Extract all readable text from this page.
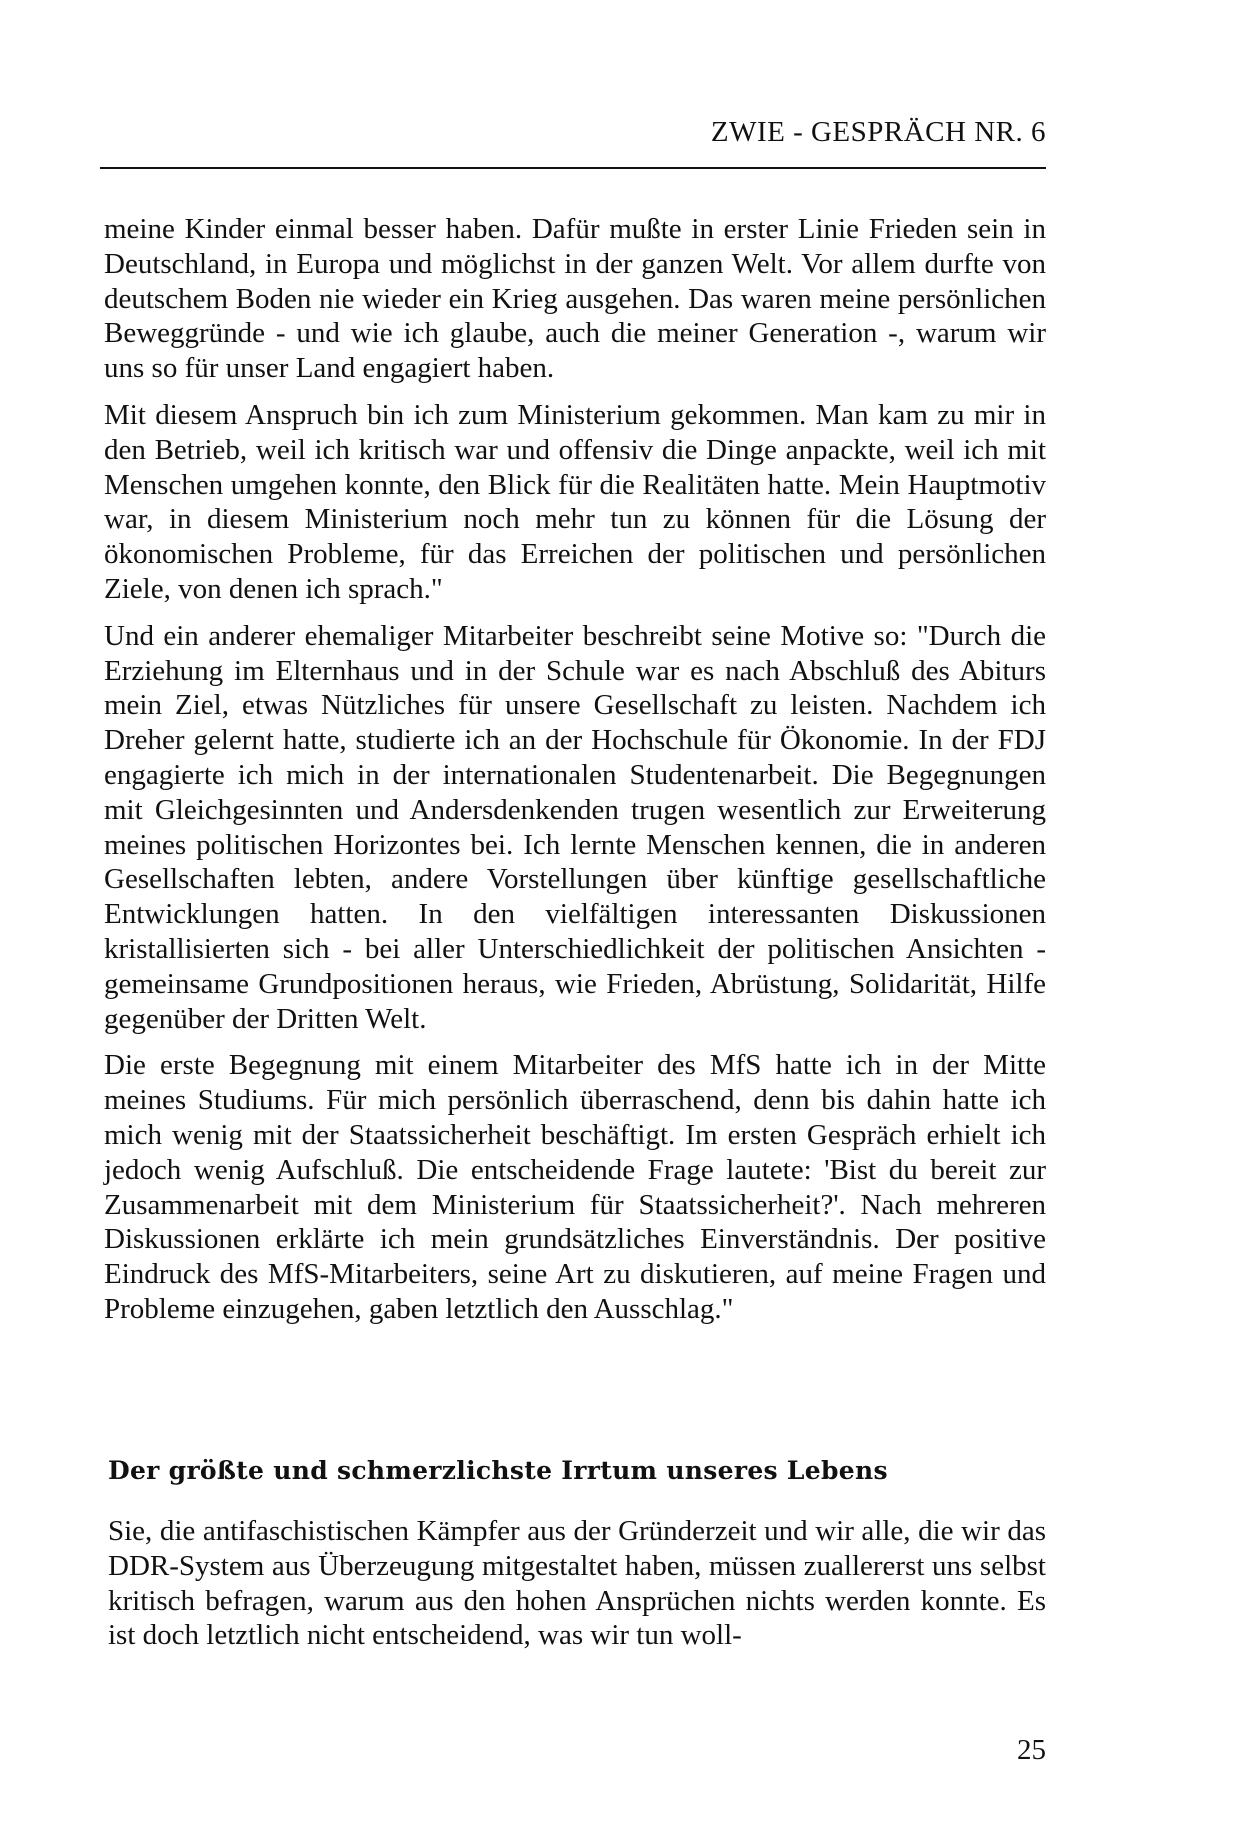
ZWIE - GESPRÄCH NR. 6

meine Kinder einmal besser haben. Dafür mußte in erster Linie Frieden sein in Deutschland, in Europa und möglichst in der ganzen Welt. Vor allem durfte von deutschem Boden nie wieder ein Krieg ausgehen. Das waren meine persönlichen Beweggründe - und wie ich glaube, auch die meiner Generation -, warum wir uns so für unser Land engagiert haben.

Mit diesem Anspruch bin ich zum Ministerium gekommen. Man kam zu mir in den Betrieb, weil ich kritisch war und offensiv die Dinge anpackte, weil ich mit Menschen umgehen konnte, den Blick für die Realitäten hatte. Mein Hauptmotiv war, in diesem Ministerium noch mehr tun zu können für die Lösung der ökonomischen Probleme, für das Erreichen der politischen und persönlichen Ziele, von denen ich sprach."

Und ein anderer ehemaliger Mitarbeiter beschreibt seine Motive so: "Durch die Erziehung im Elternhaus und in der Schule war es nach Abschluß des Abiturs mein Ziel, etwas Nützliches für unsere Gesellschaft zu leisten. Nachdem ich Dreher gelernt hatte, studierte ich an der Hochschule für Ökonomie. In der FDJ engagierte ich mich in der internationalen Studentenarbeit. Die Begegnungen mit Gleichgesinnten und Andersdenkenden trugen wesentlich zur Erweiterung meines politischen Horizontes bei. Ich lernte Menschen kennen, die in anderen Gesellschaften lebten, andere Vorstellungen über künftige gesellschaftliche Entwicklungen hatten. In den vielfältigen interessanten Diskussionen kristallisierten sich - bei aller Unterschiedlichkeit der politischen Ansichten - gemeinsame Grundpositionen heraus, wie Frieden, Abrüstung, Solidarität, Hilfe gegenüber der Dritten Welt.

Die erste Begegnung mit einem Mitarbeiter des MfS hatte ich in der Mitte meines Studiums. Für mich persönlich überraschend, denn bis dahin hatte ich mich wenig mit der Staatssicherheit beschäftigt. Im ersten Gespräch erhielt ich jedoch wenig Aufschluß. Die entscheidende Frage lautete: 'Bist du bereit zur Zusammenarbeit mit dem Ministerium für Staatssicherheit?'. Nach mehreren Diskussionen erklärte ich mein grundsätzliches Einverständnis. Der positive Eindruck des MfS-Mitarbeiters, seine Art zu diskutieren, auf meine Fragen und Probleme einzugehen, gaben letztlich den Ausschlag."

Der größte und schmerzlichste Irrtum unseres Lebens

Sie, die antifaschistischen Kämpfer aus der Gründerzeit und wir alle, die wir das DDR-System aus Überzeugung mitgestaltet haben, müssen zuallererst uns selbst kritisch befragen, warum aus den hohen Ansprüchen nichts werden konnte. Es ist doch letztlich nicht entscheidend, was wir tun woll-

25
